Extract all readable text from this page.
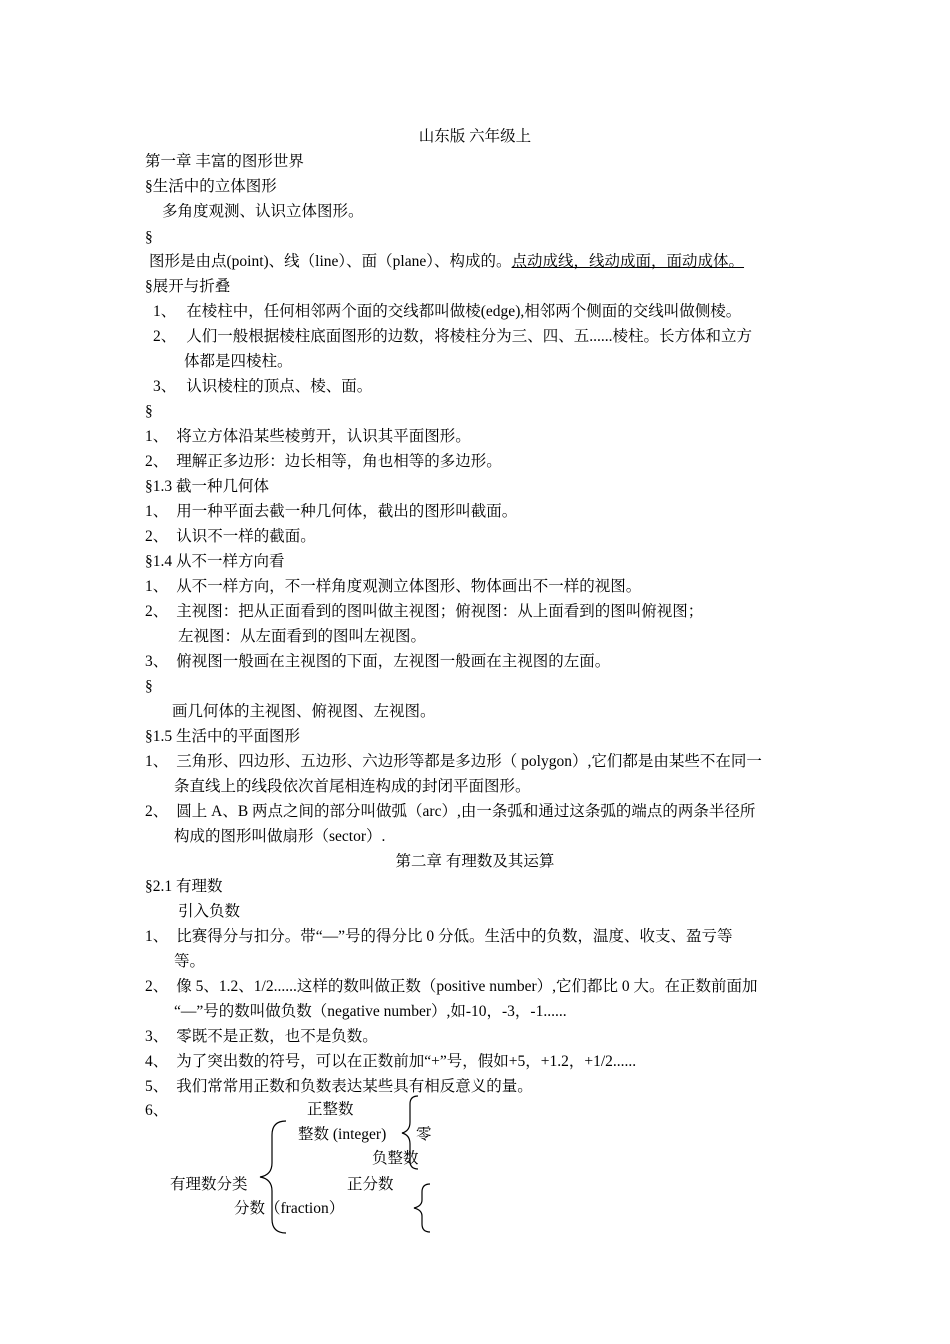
山东版 六年级上
第一章 丰富的图形世界
§生活中的立体图形
多角度观测、认识立体图形。
§
图形是由点(point)、线（line）、面（plane）、构成的。点动成线，线动成面，面动成体。
§展开与折叠
1、 在棱柱中，任何相邻两个面的交线都叫做棱(edge),相邻两个侧面的交线叫做侧棱。
2、 人们一般根据棱柱底面图形的边数，将棱柱分为三、四、五......棱柱。长方体和立方
体都是四棱柱。
3、 认识棱柱的顶点、棱、面。
§
1、 将立方体沿某些棱剪开，认识其平面图形。
2、 理解正多边形：边长相等，角也相等的多边形。
§1.3 截一种几何体
1、 用一种平面去截一种几何体，截出的图形叫截面。
2、 认识不一样的截面。
§1.4 从不一样方向看
1、 从不一样方向，不一样角度观测立体图形、物体画出不一样的视图。
2、 主视图：把从正面看到的图叫做主视图；俯视图：从上面看到的图叫俯视图；
左视图：从左面看到的图叫左视图。
3、 俯视图一般画在主视图的下面，左视图一般画在主视图的左面。
§
画几何体的主视图、俯视图、左视图。
§1.5 生活中的平面图形
1、 三角形、四边形、五边形、六边形等都是多边形（ polygon）,它们都是由某些不在同一
条直线上的线段依次首尾相连构成的封闭平面图形。
2、 圆上 A、B 两点之间的部分叫做弧（arc）,由一条弧和通过这条弧的端点的两条半径所
构成的图形叫做扇形（sector）.
第二章 有理数及其运算
§2.1 有理数
引入负数
1、 比赛得分与扣分。带“—”号的得分比 0 分低。生活中的负数，温度、收支、盈亏等
等。
2、 像 5、1.2、1/2......这样的数叫做正数（positive number）,它们都比 0 大。在正数前面加
“—”号的数叫做负数（negative number）,如-10，-3，-1......
3、 零既不是正数，也不是负数。
4、 为了突出数的符号，可以在正数前加“+”号，假如+5，+1.2，+1/2......
5、 我们常常用正数和负数表达某些具有相反意义的量。
6、	正整数
整数 (integer) 零
负整数
有理数分类	正分数
分数（fraction）
